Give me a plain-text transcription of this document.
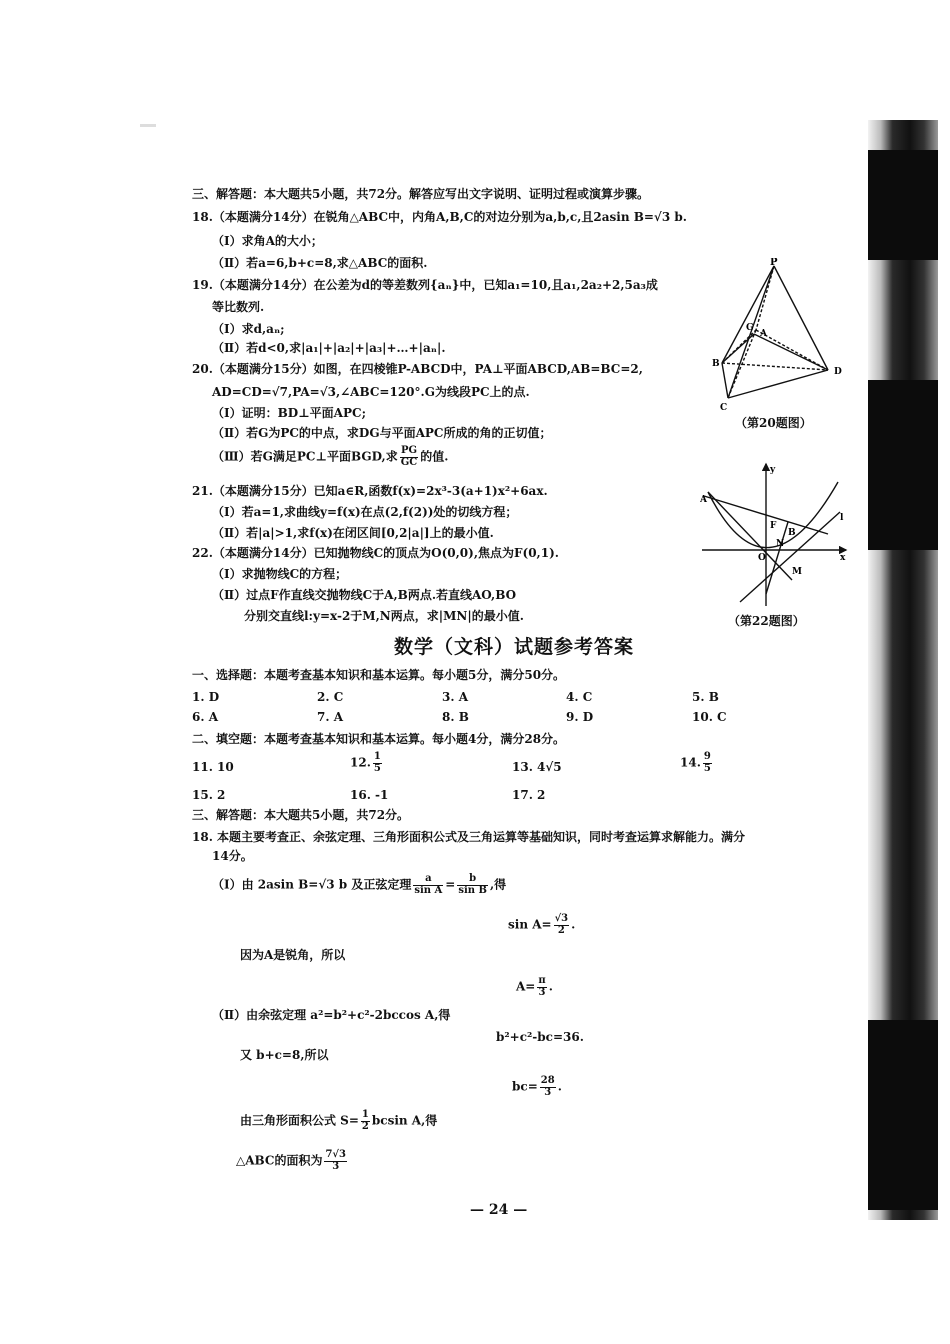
三、解答题：本大题共5小题，共72分。解答应写出文字说明、证明过程或演算步骤。
18.（本题满分14分）在锐角△ABC中，内角A,B,C的对边分别为a,b,c,且2asin B=√3 b.
（Ⅰ）求角A的大小；
（Ⅱ）若a=6,b+c=8,求△ABC的面积.
19.（本题满分14分）在公差为d的等差数列{aₙ}中，已知a₁=10,且a₁,2a₂+2,5a₃成
等比数列.
（Ⅰ）求d,aₙ;
（Ⅱ）若d<0,求|a₁|+|a₂|+|a₃|+…+|aₙ|.
20.（本题满分15分）如图，在四棱锥P-ABCD中，PA⊥平面ABCD,AB=BC=2,
AD=CD=√7,PA=√3,∠ABC=120°.G为线段PC上的点.
（Ⅰ）证明：BD⊥平面APC;
（Ⅱ）若G为PC的中点，求DG与平面APC所成的角的正切值；
（Ⅲ）若G满足PC⊥平面BGD,求 $\frac{PG}{GC}$ 的值.
21.（本题满分15分）已知a∈R,函数f(x)=2x³-3(a+1)x²+6ax.
（Ⅰ）若a=1,求曲线y=f(x)在点(2,f(2))处的切线方程；
（Ⅱ）若|a|>1,求f(x)在闭区间[0,2|a|]上的最小值.
22.（本题满分14分）已知抛物线C的顶点为O(0,0),焦点为F(0,1).
（Ⅰ）求抛物线C的方程；
（Ⅱ）过点F作直线交抛物线C于A,B两点.若直线AO,BO
分别交直线l:y=x-2于M,N两点，求|MN|的最小值.
P
A
B
C
D
G
（第20题图）
y
A
B
F
O	x
M
N
l
（第22题图）
数学（文科）试题参考答案
一、选择题：本题考查基本知识和基本运算。每小题5分，满分50分。
1. D	2. C	3. A	4. C	5. B
6. A	7. A	8. B	9. D	10. C
二、填空题：本题考查基本知识和基本运算。每小题4分，满分28分。
11. 10	12. $\frac{1}{5}$	13. 4√5	14. $\frac{9}{5}$
15. 2	16. -1	17. 2
三、解答题：本大题共5小题，共72分。
18. 本题主要考查正、余弦定理、三角形面积公式及三角运算等基础知识，同时考查运算求解能力。满分
14分。
（Ⅰ）由 2asin B=√3 b 及正弦定理 $\frac{a}{\text{sin A}} = \frac{b}{\text{sin B}}$ ,得
$\sin A= \frac{√3}{2}$ .
因为A是锐角，所以
$A= \frac{\pi}{3}$ .
（Ⅱ）由余弦定理 a²=b²+c²-2bccos A,得
b²+c²-bc=36.
又 b+c=8,所以
$bc= \frac{28}{3}$ .
由三角形面积公式 $S= \frac{1}{2}$ bcsin A,得
△ABC的面积为 $\frac{7√3}{3}$
— 24 —
